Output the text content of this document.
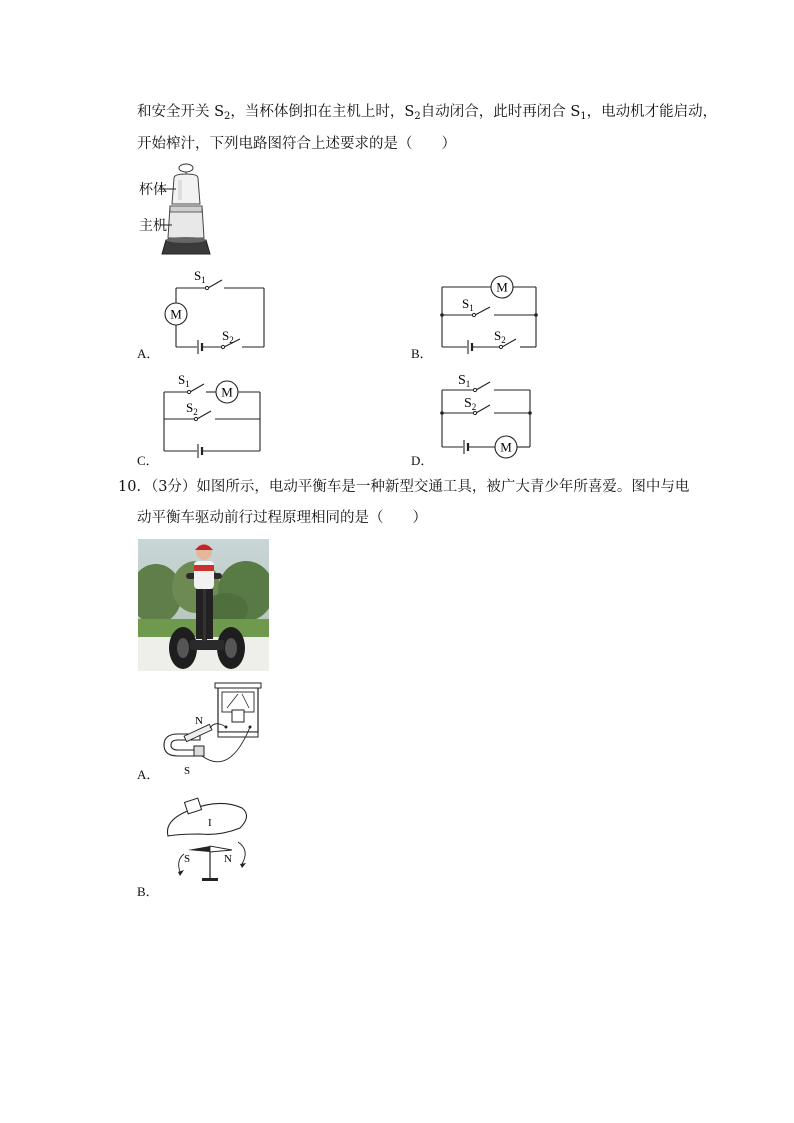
和安全开关 $S_2$，当杯体倒扣在主机上时，$S_2$自动闭合，此时再闭合 $S_1$，电动机才能启动，
开始榨汁，下列电路图符合上述要求的是（　　）
杯体
主机
M
$S_1$
$S_2$
A．
M
$S_1$
$S_2$
B．
M
$S_1$
$S_2$
C．
M
$S_1$
$S_2$
D．
10．（3分）如图所示，电动平衡车是一种新型交通工具，被广大青少年所喜爱。图中与电
动平衡车驱动前行过程原理相同的是（　　）
N
S
A．
I
S	N
B．
